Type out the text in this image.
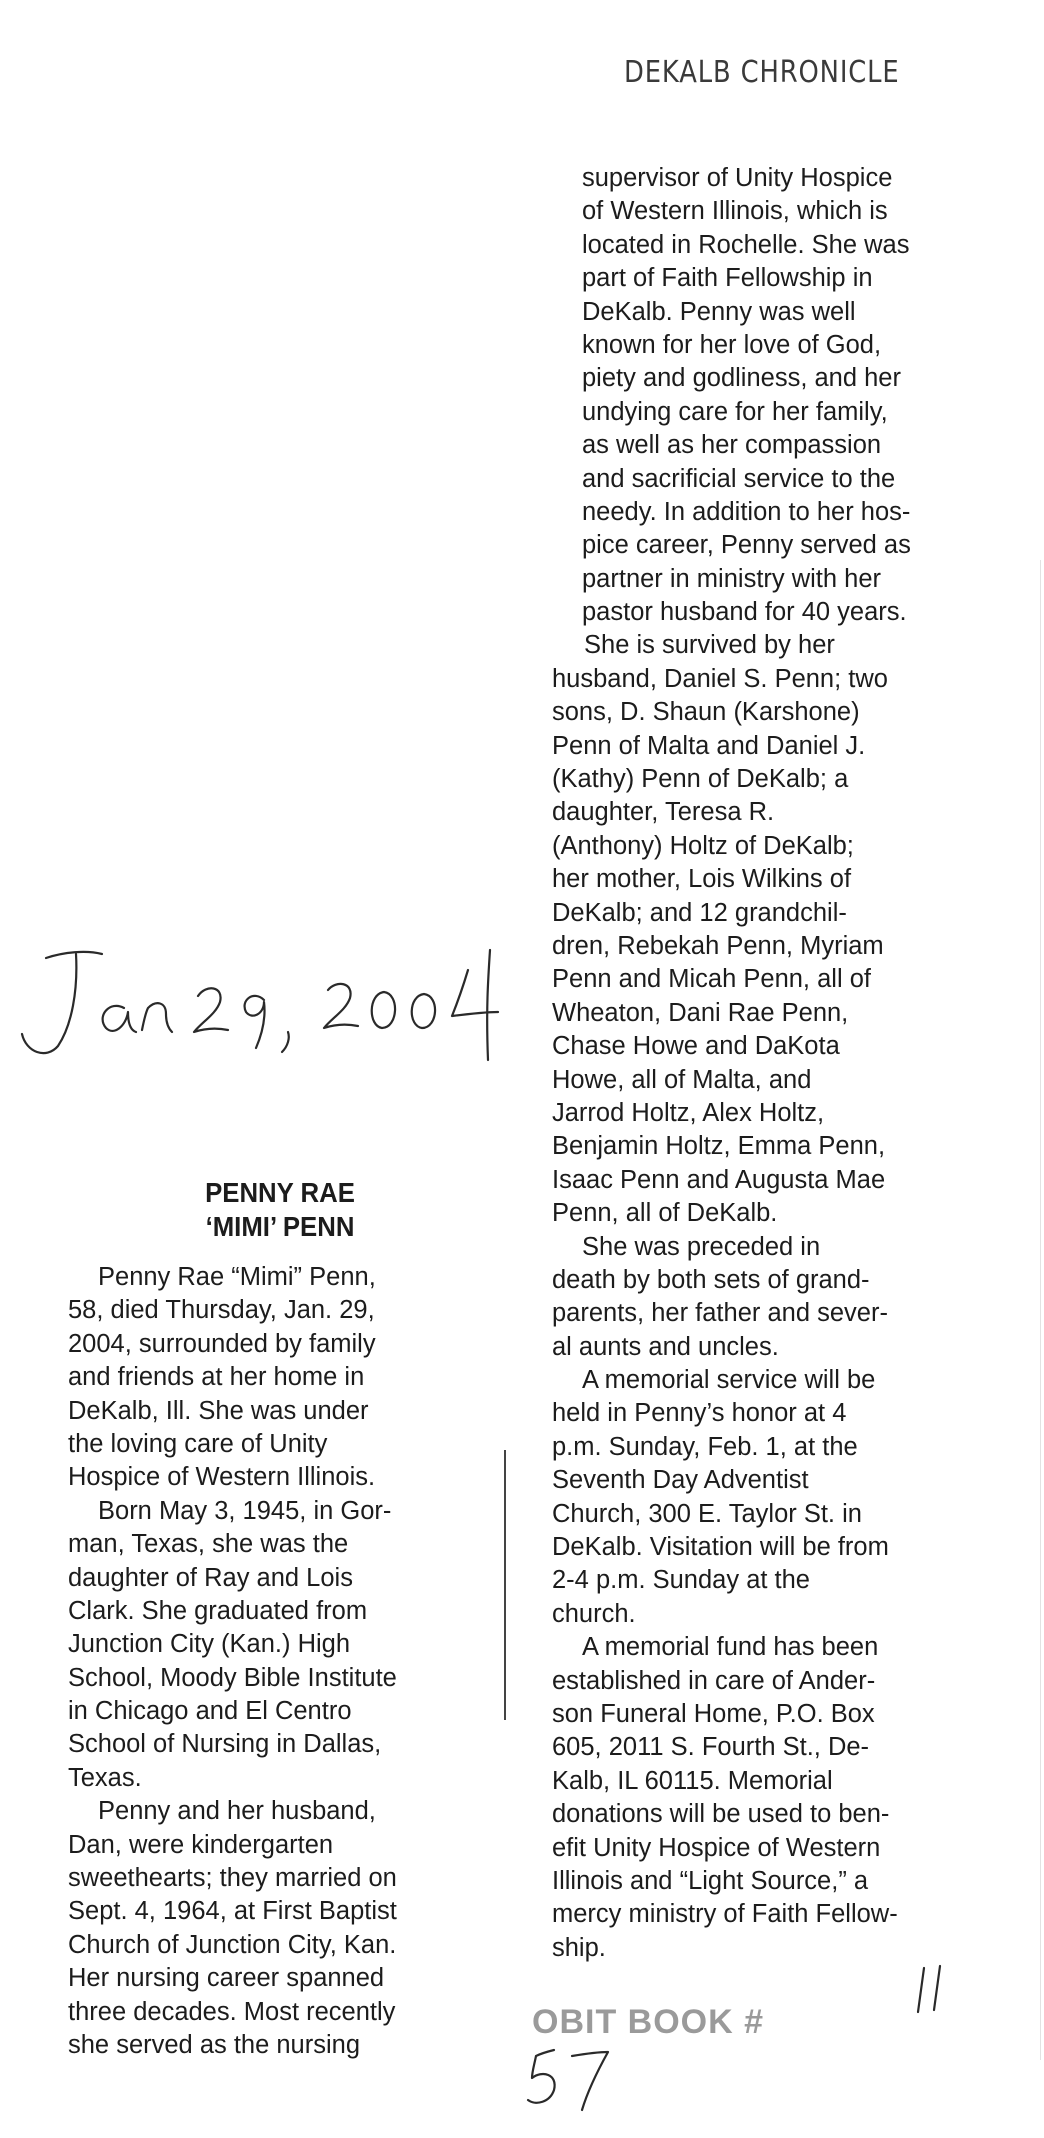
DEKALB CHRONICLE
PENNY RAE
‘MIMI’ PENN
Penny Rae “Mimi” Penn,
58, died Thursday, Jan. 29,
2004, surrounded by family
and friends at her home in
DeKalb, Ill. She was under
the loving care of Unity
Hospice of Western Illinois.
Born May 3, 1945, in Gor-
man, Texas, she was the
daughter of Ray and Lois
Clark. She graduated from
Junction City (Kan.) High
School, Moody Bible Institute
in Chicago and El Centro
School of Nursing in Dallas,
Texas.
Penny and her husband,
Dan, were kindergarten
sweethearts; they married on
Sept. 4, 1964, at First Baptist
Church of Junction City, Kan.
Her nursing career spanned
three decades. Most recently
she served as the nursing
supervisor of Unity Hospice
of Western Illinois, which is
located in Rochelle. She was
part of Faith Fellowship in
DeKalb. Penny was well
known for her love of God,
piety and godliness, and her
undying care for her family,
as well as her compassion
and sacrificial service to the
needy. In addition to her hos-
pice career, Penny served as
partner in ministry with her
pastor husband for 40 years.
She is survived by her
husband, Daniel S. Penn; two
sons, D. Shaun (Karshone)
Penn of Malta and Daniel J.
(Kathy) Penn of DeKalb; a
daughter, Teresa R.
(Anthony) Holtz of DeKalb;
her mother, Lois Wilkins of
DeKalb; and 12 grandchil-
dren, Rebekah Penn, Myriam
Penn and Micah Penn, all of
Wheaton, Dani Rae Penn,
Chase Howe and DaKota
Howe, all of Malta, and
Jarrod Holtz, Alex Holtz,
Benjamin Holtz, Emma Penn,
Isaac Penn and Augusta Mae
Penn, all of DeKalb.
She was preceded in
death by both sets of grand-
parents, her father and sever-
al aunts and uncles.
A memorial service will be
held in Penny’s honor at 4
p.m. Sunday, Feb. 1, at the
Seventh Day Adventist
Church, 300 E. Taylor St. in
DeKalb. Visitation will be from
2-4 p.m. Sunday at the
church.
A memorial fund has been
established in care of Ander-
son Funeral Home, P.O. Box
605, 2011 S. Fourth St., De-
Kalb, IL 60115. Memorial
donations will be used to ben-
efit Unity Hospice of Western
Illinois and “Light Source,” a
mercy ministry of Faith Fellow-
ship.
OBIT BOOK #
